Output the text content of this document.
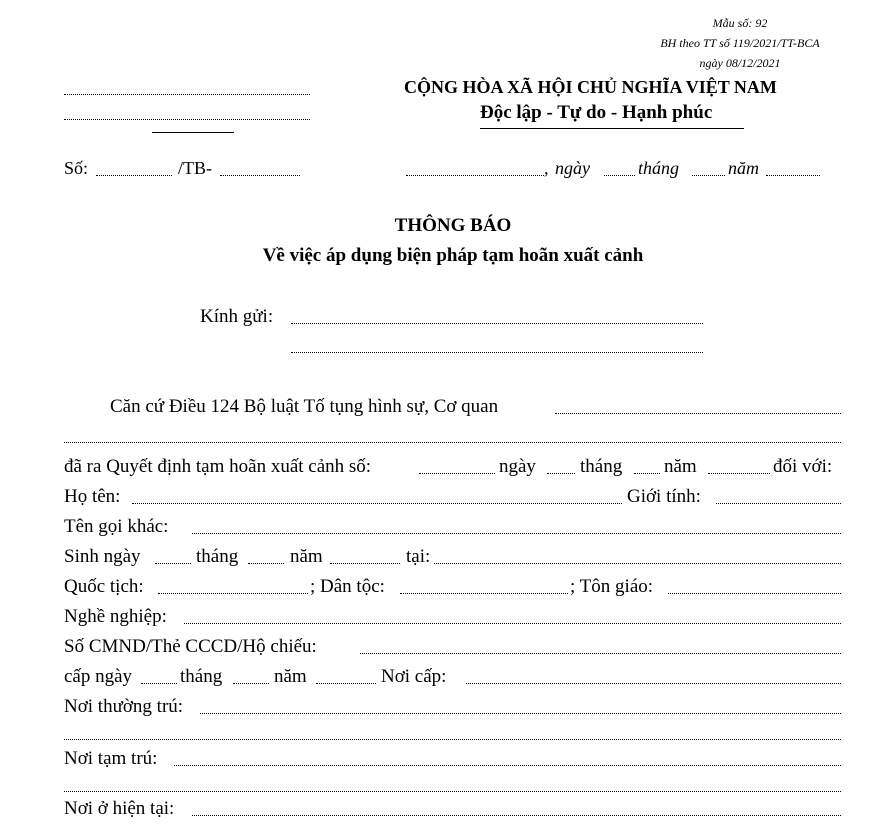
Mẫu số: 92
BH theo TT số 119/2021/TT-BCA
ngày 08/12/2021
CỘNG HÒA XÃ HỘI CHỦ NGHĨA VIỆT NAM
Độc lập - Tự do - Hạnh phúc
Số:	/TB-	, ngày	tháng	năm
THÔNG BÁO
Về việc áp dụng biện pháp tạm hoãn xuất cảnh
Kính gửi:
Căn cứ Điều 124 Bộ luật Tố tụng hình sự, Cơ quan
đã ra Quyết định tạm hoãn xuất cảnh số:	ngày tháng năm	đối với:
Họ tên:	Giới tính:
Tên gọi khác:
Sinh ngày	tháng	năm	tại:
Quốc tịch:	; Dân tộc:	; Tôn giáo:
Nghề nghiệp:
Số CMND/Thẻ CCCD/Hộ chiếu:
cấp ngày	tháng	năm	Nơi cấp:
Nơi thường trú:
Nơi tạm trú:
Nơi ở hiện tại:
